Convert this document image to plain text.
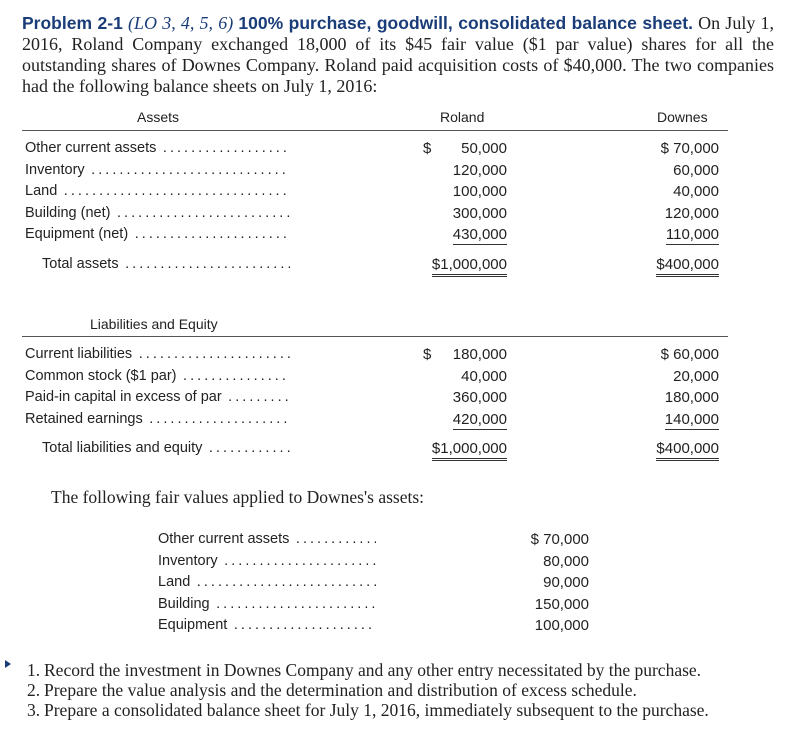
Problem 2-1 (LO 3, 4, 5, 6) 100% purchase, goodwill, consolidated balance sheet. On July 1, 2016, Roland Company exchanged 18,000 of its $45 fair value ($1 par value) shares for all the outstanding shares of Downes Company. Roland paid acquisition costs of $40,000. The two companies had the following balance sheets on July 1, 2016:
Assets	Roland	Downes
Other current assets . . .	$ 50,000	$ 70,000
Inventory . . .	120,000	60,000
Land . . .	100,000	40,000
Building (net) . . .	300,000	120,000
Equipment (net) . . .	430,000	110,000
Total assets . . .	$1,000,000	$400,000
Liabilities and Equity
Current liabilities . . .	$ 180,000	$ 60,000
Common stock ($1 par) . . .	40,000	20,000
Paid-in capital in excess of par . . .	360,000	180,000
Retained earnings . . .	420,000	140,000
Total liabilities and equity . . .	$1,000,000	$400,000
The following fair values applied to Downes's assets:
Other current assets . . .	$ 70,000
Inventory . . .	80,000
Land . . .	90,000
Building . . .	150,000
Equipment . . .	100,000
1. Record the investment in Downes Company and any other entry necessitated by the purchase.
2. Prepare the value analysis and the determination and distribution of excess schedule.
3. Prepare a consolidated balance sheet for July 1, 2016, immediately subsequent to the purchase.
